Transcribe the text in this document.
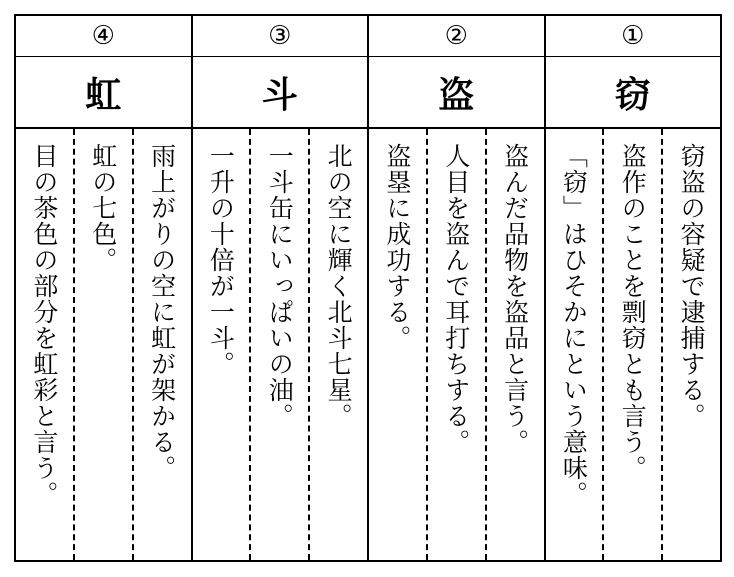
④
虹
雨上がりの空に虹が架かる。
虹の七色。
目の茶色の部分を虹彩と言う。
③
斗
北の空に輝く北斗七星。
一斗缶にいっぱいの油。
一升の十倍が一斗。
②
盗
盗んだ品物を盗品と言う。
人目を盗んで耳打ちする。
盗塁に成功する。
①
窃
窃盗の容疑で逮捕する。
盗作のことを剽窃とも言う。
「窃」はひそかにという意味。
